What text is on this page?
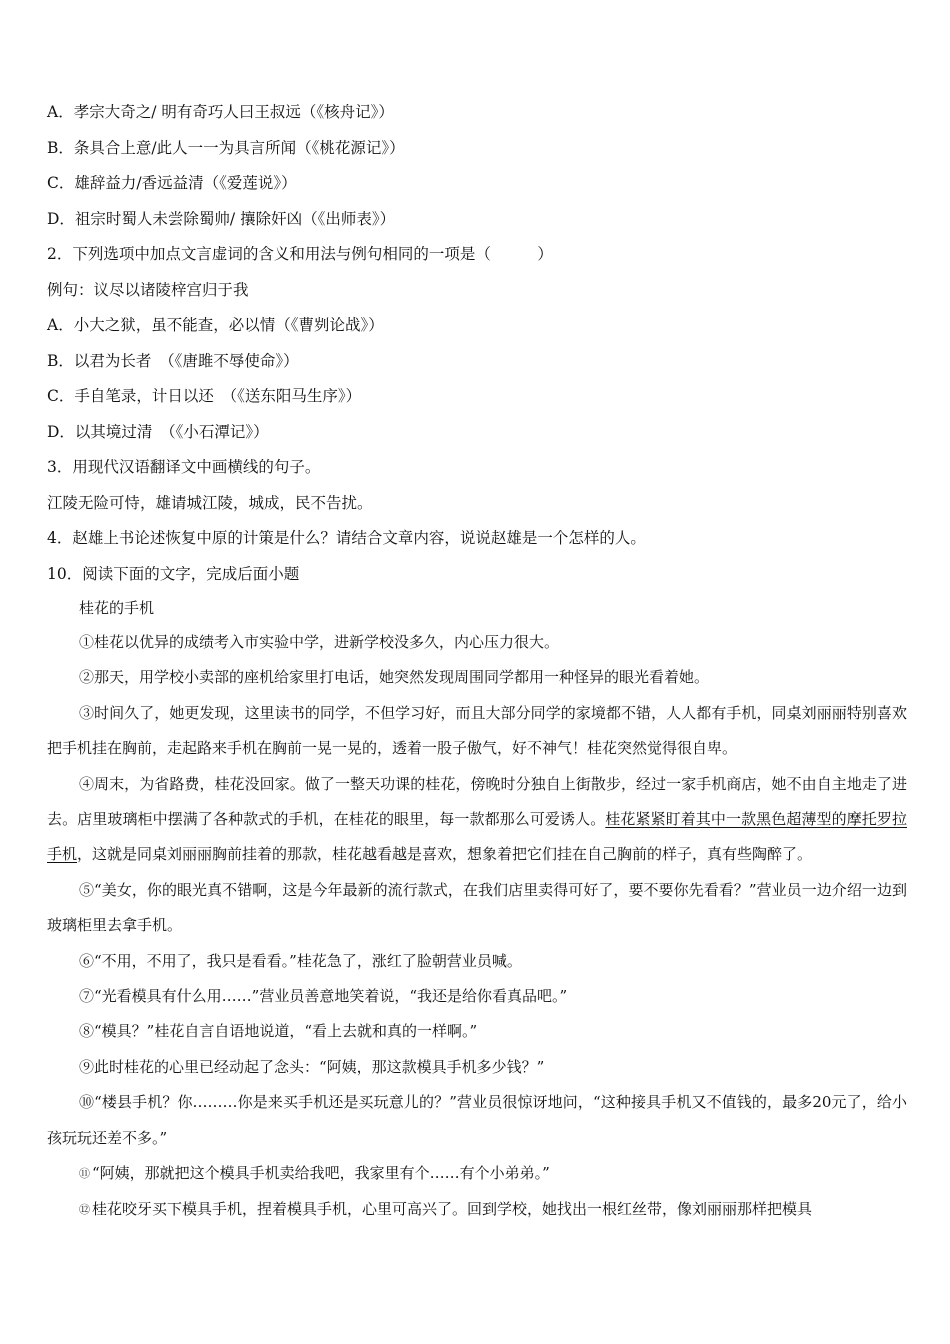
A．孝宗大奇之/ 明有奇巧人曰王叔远（《核舟记》）
B．条具合上意/此人一一为具言所闻（《桃花源记》）
C．雄辞益力/香远益清（《爱莲说》）
D．祖宗时蜀人未尝除蜀帅/ 攘除奸凶（《出师表》）
2．下列选项中加点文言虚词的含义和用法与例句相同的一项是（　　　）
例句：议尽以诸陵梓宫归于我
A．小大之狱，虽不能查，必以情（《曹刿论战》）
B．以君为长者　（《唐雎不辱使命》）
C．手自笔录，计日以还　（《送东阳马生序》）
D．以其境过清　（《小石潭记》）
3．用现代汉语翻译文中画横线的句子。
江陵无险可恃，雄请城江陵，城成，民不告扰。
4．赵雄上书论述恢复中原的计策是什么？请结合文章内容，说说赵雄是一个怎样的人。
10．阅读下面的文字，完成后面小题
桂花的手机

①桂花以优异的成绩考入市实验中学，进新学校没多久，内心压力很大。

②那天，用学校小卖部的座机给家里打电话，她突然发现周围同学都用一种怪异的眼光看着她。

③时间久了，她更发现，这里读书的同学，不但学习好，而且大部分同学的家境都不错，人人都有手机，同桌刘丽丽特别喜欢把手机挂在胸前，走起路来手机在胸前一晃一晃的，透着一股子傲气，好不神气！桂花突然觉得很自卑。

④周末，为省路费，桂花没回家。做了一整天功课的桂花，傍晚时分独自上街散步，经过一家手机商店，她不由自主地走了进去。店里玻璃柜中摆满了各种款式的手机，在桂花的眼里，每一款都那么可爱诱人。桂花紧紧盯着其中一款黑色超薄型的摩托罗拉手机，这就是同桌刘丽丽胸前挂着的那款，桂花越看越是喜欢，想象着把它们挂在自己胸前的样子，真有些陶醉了。

⑤“美女，你的眼光真不错啊，这是今年最新的流行款式，在我们店里卖得可好了，要不要你先看看？”营业员一边介绍一边到玻璃柜里去拿手机。

⑥“不用，不用了，我只是看看。”桂花急了，涨红了脸朝营业员喊。

⑦“光看模具有什么用……”营业员善意地笑着说，“我还是给你看真品吧。”

⑧“模具？”桂花自言自语地说道，“看上去就和真的一样啊。”

⑨此时桂花的心里已经动起了念头：“阿姨，那这款模具手机多少钱？”

⑩“楼县手机？你………你是来买手机还是买玩意儿的？”营业员很惊讶地问，“这种接具手机又不值钱的，最多20元了，给小孩玩玩还差不多。”

⑪ “阿姨，那就把这个模具手机卖给我吧，我家里有个……有个小弟弟。”

⑫ 桂花咬牙买下模具手机，捏着模具手机，心里可高兴了。回到学校，她找出一根红丝带，像刘丽丽那样把模具
